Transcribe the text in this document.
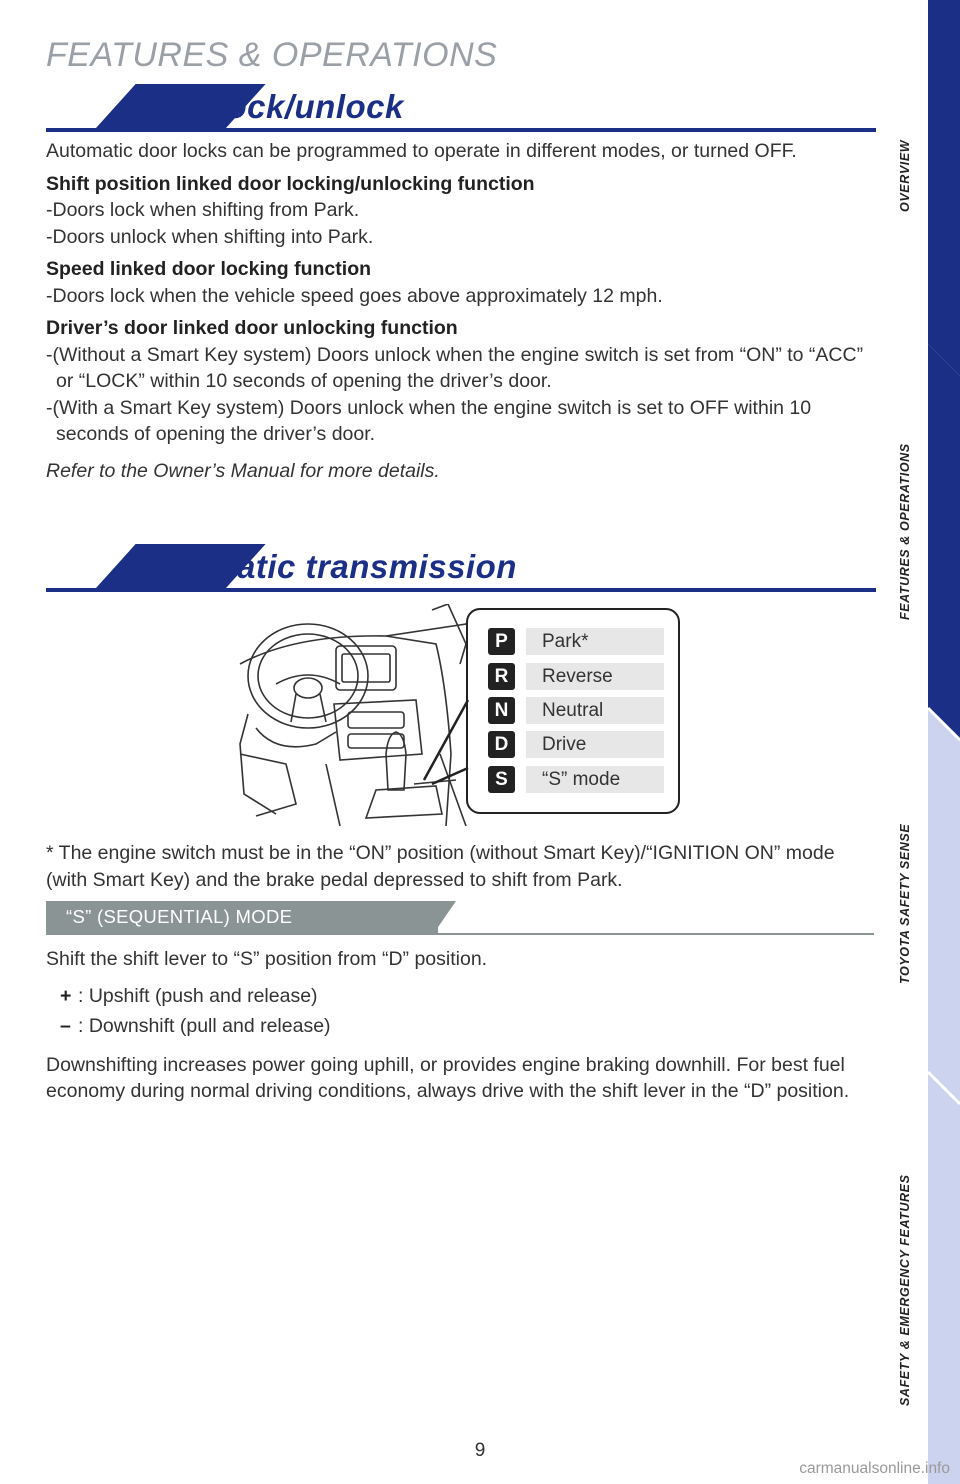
FEATURES & OPERATIONS
Auto lock/unlock

Automatic door locks can be programmed to operate in different modes, or turned OFF.

Shift position linked door locking/unlocking function
-Doors lock when shifting from Park.

-Doors unlock when shifting into Park.

Speed linked door locking function

-Doors lock when the vehicle speed goes above approximately 12 mph.

Driver’s door linked door unlocking function
-(Without a Smart Key system) Doors unlock when the engine switch is set from “ON” to “ACC” or “LOCK” within 10 seconds of opening the driver’s door.

-(With a Smart Key system) Doors unlock when the engine switch is set to OFF within 10 seconds of opening the driver’s door.

Refer to the Owner’s Manual for more details.

Automatic transmission
P	Park*
R	Reverse
N	Neutral
D	Drive
S	“S” mode
* The engine switch must be in the “ON” position (without Smart Key)/“IGNITION ON” mode (with Smart Key) and the brake pedal depressed to shift from Park.
“S” (SEQUENTIAL) MODE

Shift the shift lever to “S” position from “D” position.

+ : Upshift (push and release)
– : Downshift (pull and release)

Downshifting increases power going uphill, or provides engine braking downhill. For best fuel economy during normal driving conditions, always drive with the shift lever in the “D” position.

OVERVIEW
FEATURES & OPERATIONS
TOYOTA SAFETY SENSE
SAFETY & EMERGENCY FEATURES
9
carmanualsonline.info
